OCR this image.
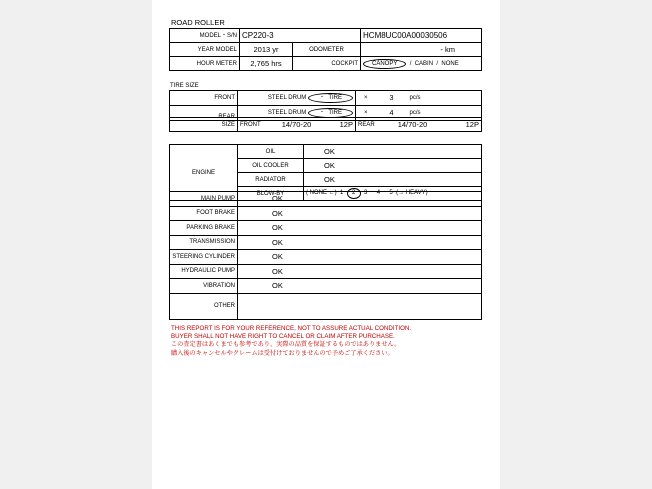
ROAD ROLLER
MODEL・S/N	CP220-3		HCM8UC00A00030506
YEAR MODEL	2013 yr	ODOMETER	- km
HOUR METER	2,765 hrs	COCKPIT	CANOPY / CABIN / NONE
TIRE SIZE
FRONT	STEEL DRUM ・ TIRE	×	3	pc/s
REAR	STEEL DRUM ・ TIRE	×	4	pc/s
SIZE	FRONT	14/70-20	12P	REAR	14/70-20	12P
ENGINE	OIL	OK
	OIL COOLER	OK
	RADIATOR	OK
	BLOW-BY	( NONE ←) 1 2 3 ・ 4 ・ 5 (→ HEAVY)
MAIN PUMP	OK
FOOT BRAKE	OK
PARKING BRAKE	OK
TRANSMISSION	OK
STEERING CYLINDER	OK
HYDRAULIC PUMP	OK
VIBRATION	OK
OTHER	
THIS REPORT IS FOR YOUR REFERENCE, NOT TO ASSURE ACTUAL CONDITION.
BUYER SHALL NOT HAVE RIGHT TO CANCEL OR CLAIM AFTER PURCHASE.
この査定書はあくまでも参考であり、実際の品質を保証するものではありません。
購入後のキャンセルやクレームは受付けておりませんので予めご了承ください。
